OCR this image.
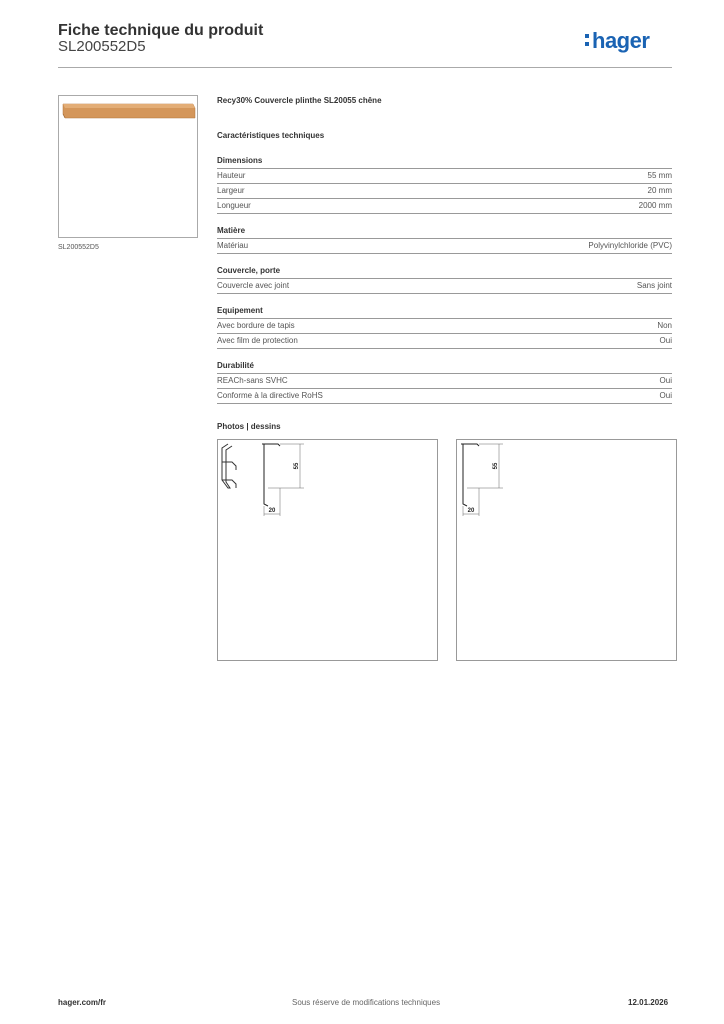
Fiche technique du produit
SL200552D5	hager
SL200552D5
Recy30% Couvercle plinthe SL20055 chêne
Caractéristiques techniques
Dimensions
Hauteur	55 mm
Largeur	20 mm
Longueur	2000 mm
Matière
Matériau	Polyvinylchloride (PVC)
Couvercle, porte
Couvercle avec joint	Sans joint
Equipement
Avec bordure de tapis	Non
Avec film de protection	Oui
Durabilité
REACh-sans SVHC	Oui
Conforme à la directive RoHS	Oui
Photos | dessins
55
20
55
20
hager.com/fr	Sous réserve de modifications techniques	12.01.2026
